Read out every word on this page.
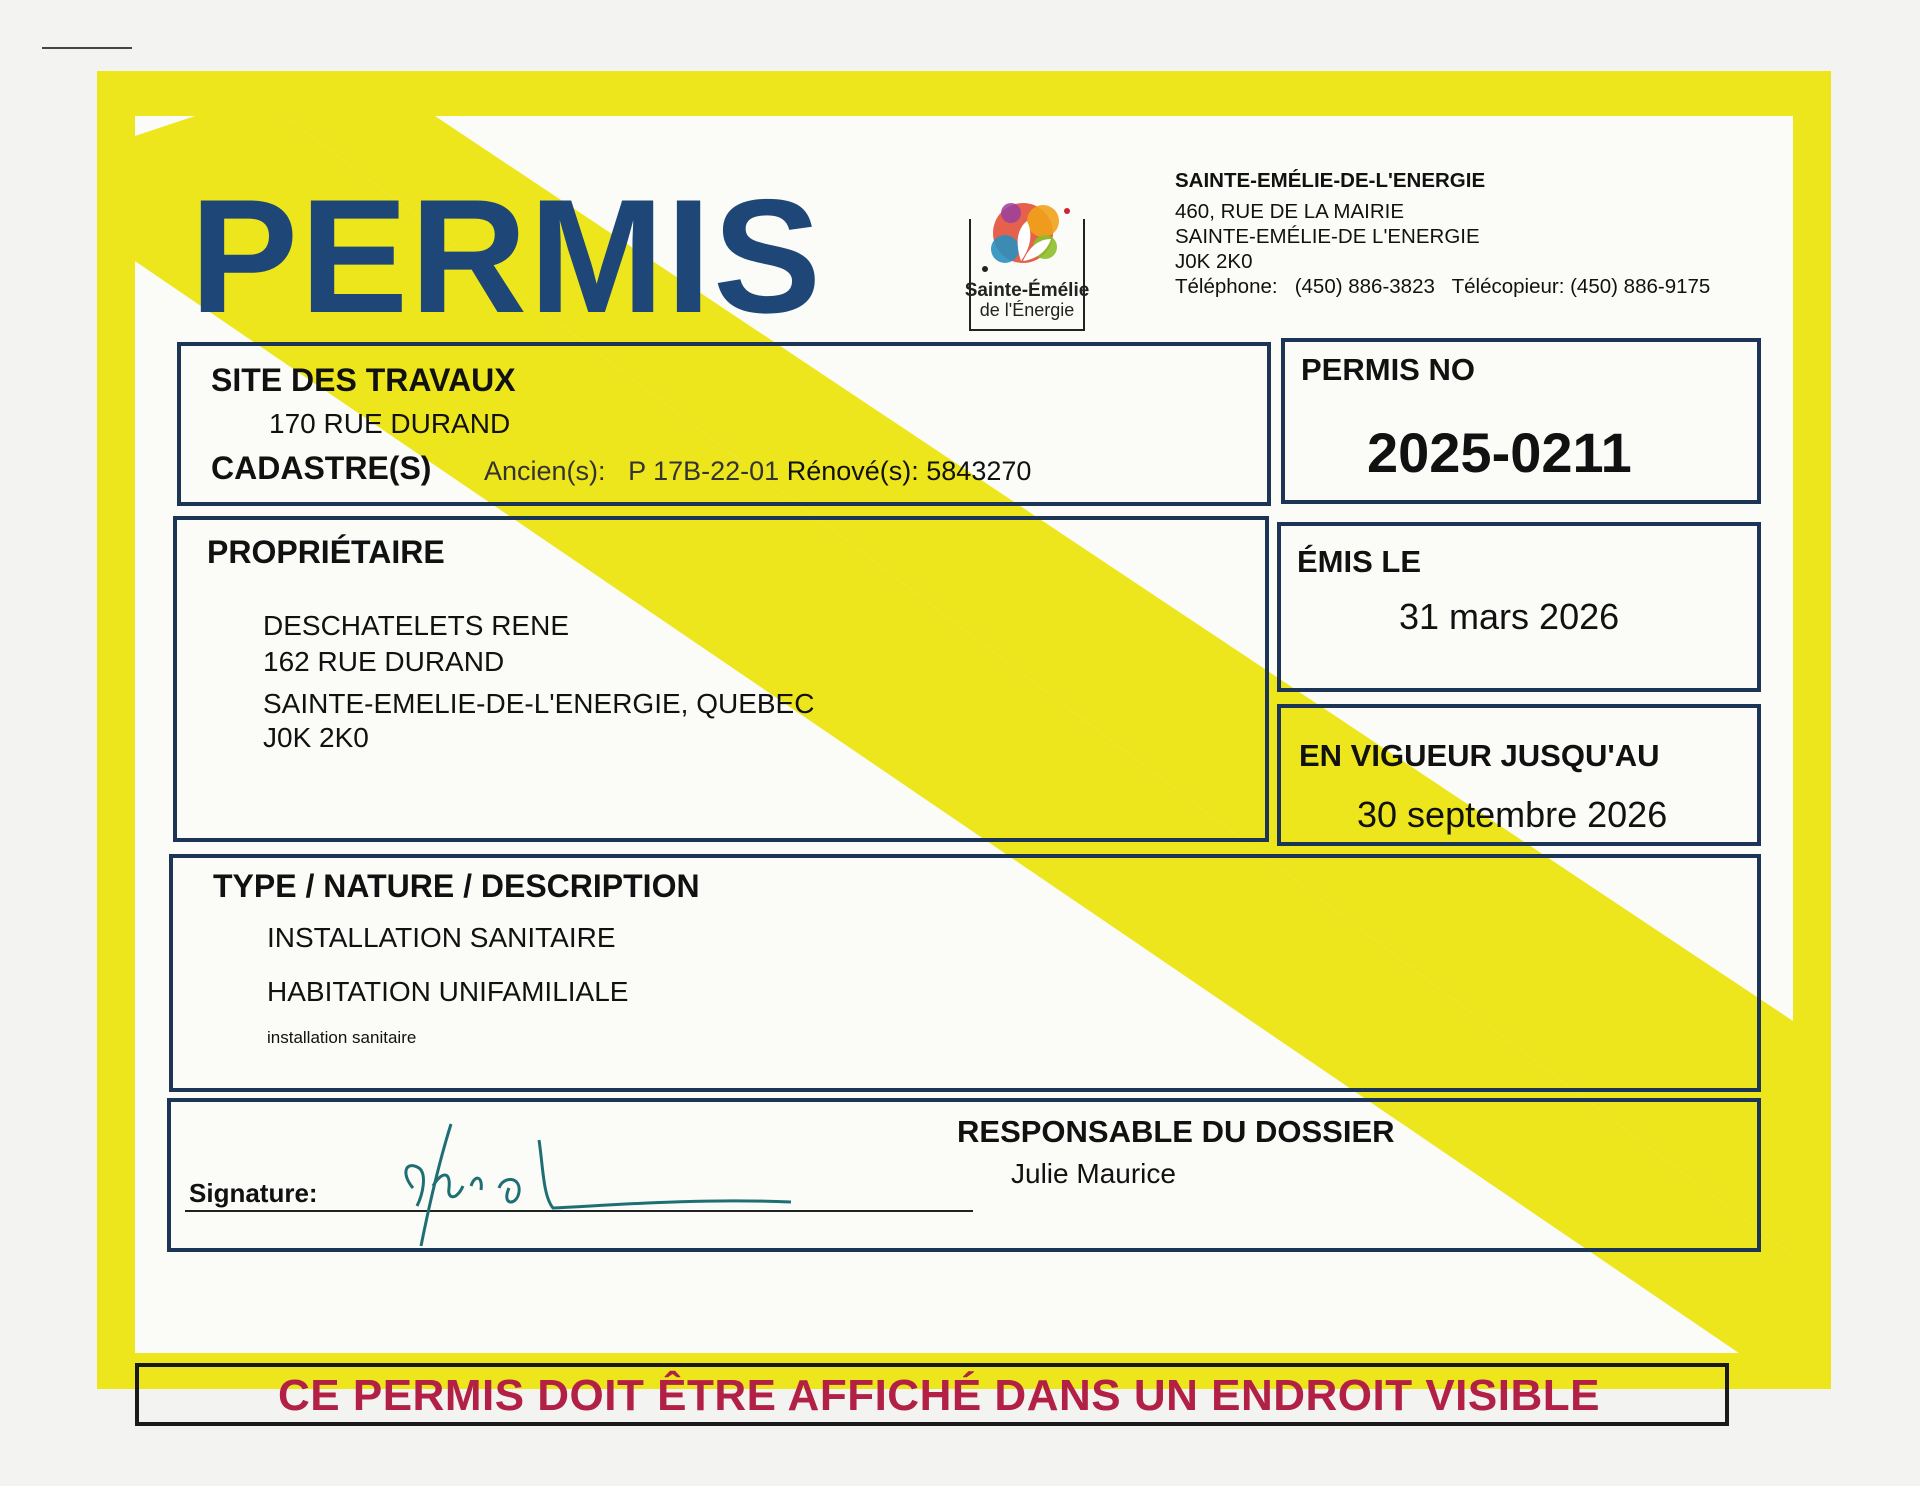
PERMIS	Sainte-Émélie
de l'Énergie
SAINTE-EMÉLIE-DE-L'ENERGIE
460, RUE DE LA MAIRIE
SAINTE-EMÉLIE-DE L'ENERGIE
J0K 2K0
Téléphone: (450) 886-3823 Télécopieur: (450) 886-9175
SITE DES TRAVAUX
170 RUE DURAND
CADASTRE(S) Ancien(s): P 17B-22-01 Rénové(s): 5843270
PERMIS NO
2025-0211
PROPRIÉTAIRE
DESCHATELETS RENE
162 RUE DURAND
SAINTE-EMELIE-DE-L'ENERGIE, QUEBEC
J0K 2K0
ÉMIS LE
31 mars 2026
EN VIGUEUR JUSQU'AU
30 septembre 2026
TYPE / NATURE / DESCRIPTION
INSTALLATION SANITAIRE
HABITATION UNIFAMILIALE
installation sanitaire
Signature:
RESPONSABLE DU DOSSIER
Julie Maurice
CE PERMIS DOIT ÊTRE AFFICHÉ DANS UN ENDROIT VISIBLE
